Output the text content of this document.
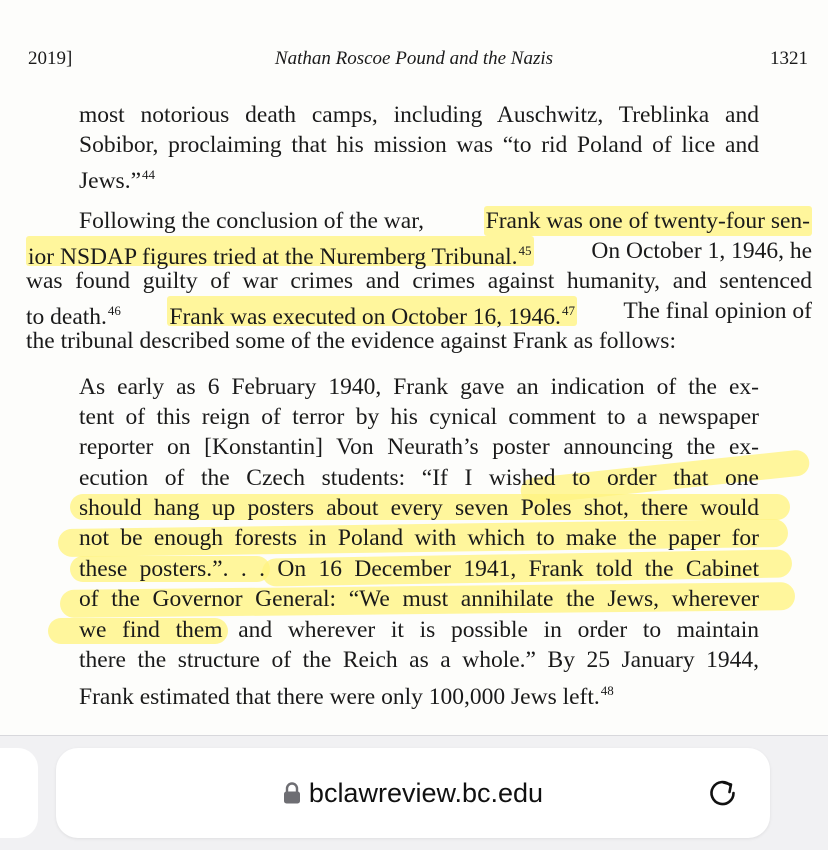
Nathan Roscoe Pound and the Nazis
2019]	1321
most notorious death camps, including Auschwitz, Treblinka and
Sobibor, proclaiming that his mission was “to rid Poland of lice and
Jews.”$^{44}$
Following the conclusion of the war,	Frank was one of twenty-four sen-
ior NSDAP figures tried at the Nuremberg Tribunal.$^{45}$	On October 1, 1946, he
was found guilty of war crimes and crimes against humanity, and sentenced
to death.$^{46}$ Frank was executed on October 16, 1946.47 The final opinion of
the tribunal described some of the evidence against Frank as follows:
As early as 6 February 1940, Frank gave an indication of the ex-
tent of this reign of terror by his cynical comment to a newspaper
reporter on [Konstantin] Von Neurath’s poster announcing the ex-
ecution of the Czech students: “If I wished to order that one
should hang up posters about every seven Poles shot, there would
not be enough forests in Poland with which to make the paper for
these posters.”. . . On 16 December 1941, Frank told the Cabinet
of the Governor General: “We must annihilate the Jews, wherever
we find them and wherever it is possible in order to maintain
there the structure of the Reich as a whole.” By 25 January 1944,
Frank estimated that there were only 100,000 Jews left.$^{48}$
bclawreview.bc.edu
